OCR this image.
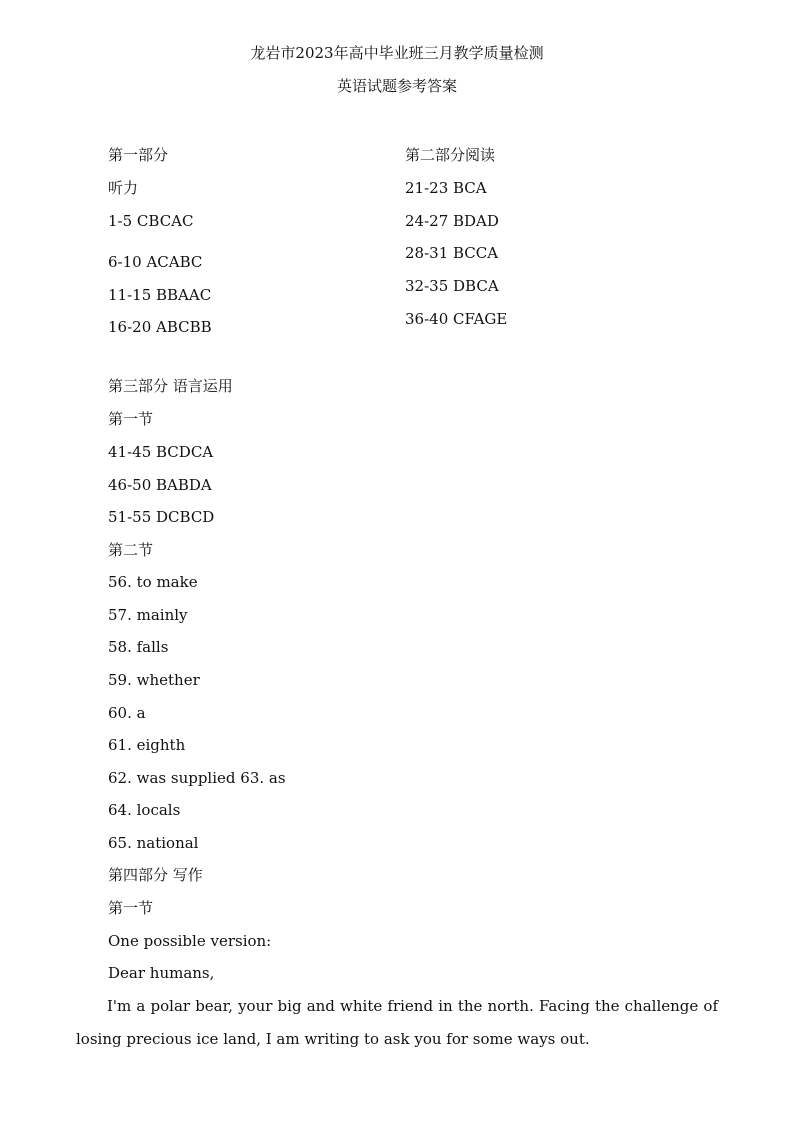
龙岩市2023年高中毕业班三月教学质量检测
英语试题参考答案
第一部分
听力
1-5 CBCAC
6-10 ACABC
11-15 BBAAC
16-20 ABCBB
第二部分阅读
21-23 BCA
24-27 BDAD
28-31 BCCA
32-35 DBCA
36-40 CFAGE
第三部分 语言运用
第一节
41-45 BCDCA
46-50 BABDA
51-55 DCBCD
第二节
56. to make
57. mainly
58. falls
59. whether
60. a
61. eighth
62. was supplied 63. as
64. locals
65. national
第四部分 写作
第一节
One possible version:
Dear humans,
I'm a polar bear, your big and white friend in the north. Facing the challenge of losing precious ice land, I am writing to ask you for some ways out.
